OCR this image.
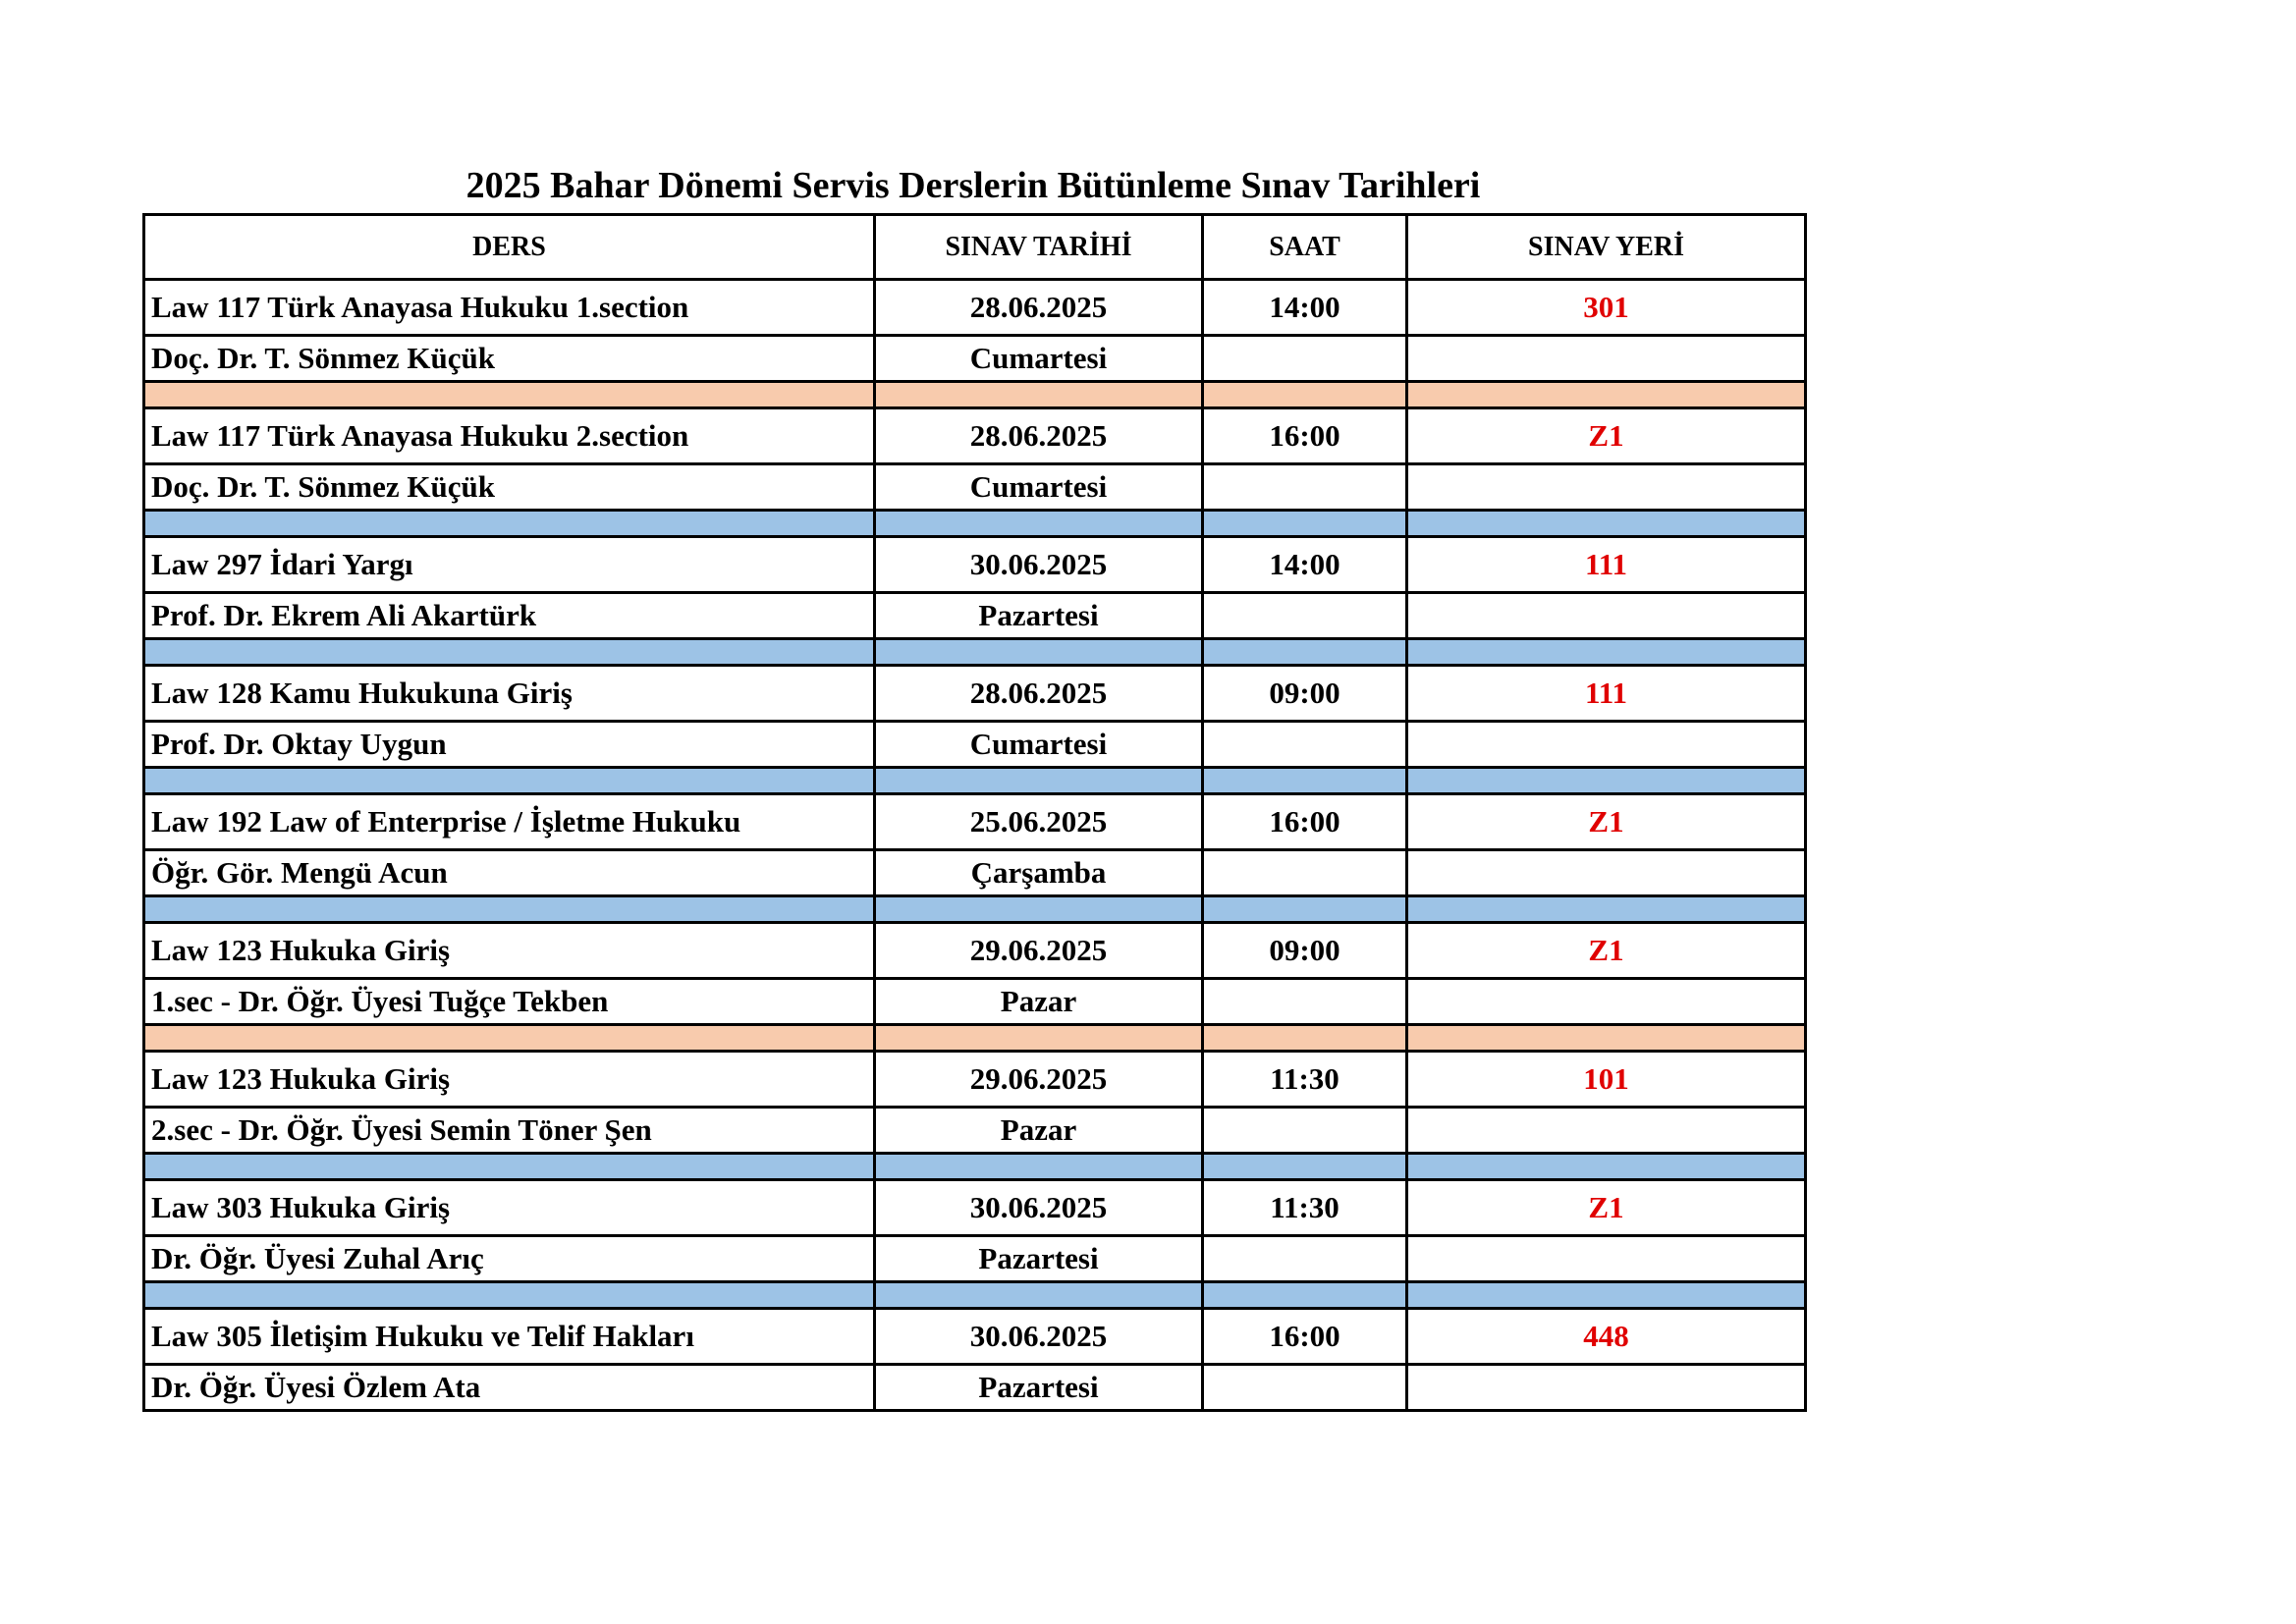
2025 Bahar Dönemi Servis Derslerin Bütünleme Sınav Tarihleri
DERS	SINAV TARİHİ	SAAT	SINAV YERİ
Law 117 Türk Anayasa Hukuku 1.section	28.06.2025	14:00	301
Doç. Dr. T. Sönmez Küçük	Cumartesi		

Law 117 Türk Anayasa Hukuku 2.section	28.06.2025	16:00	Z1
Doç. Dr. T. Sönmez Küçük	Cumartesi		

Law 297 İdari Yargı	30.06.2025	14:00	111
Prof. Dr. Ekrem Ali Akartürk	Pazartesi		

Law 128 Kamu Hukukuna Giriş	28.06.2025	09:00	111
Prof. Dr. Oktay Uygun	Cumartesi		

Law 192 Law of Enterprise / İşletme Hukuku	25.06.2025	16:00	Z1
Öğr. Gör. Mengü Acun	Çarşamba		

Law 123 Hukuka Giriş	29.06.2025	09:00	Z1
1.sec - Dr. Öğr. Üyesi Tuğçe Tekben	Pazar		

Law 123 Hukuka Giriş	29.06.2025	11:30	101
2.sec - Dr. Öğr. Üyesi Semin Töner Şen	Pazar		

Law 303 Hukuka Giriş	30.06.2025	11:30	Z1
Dr. Öğr. Üyesi Zuhal Arıç	Pazartesi		

Law 305 İletişim Hukuku ve Telif Hakları	30.06.2025	16:00	448
Dr. Öğr. Üyesi Özlem Ata	Pazartesi		
